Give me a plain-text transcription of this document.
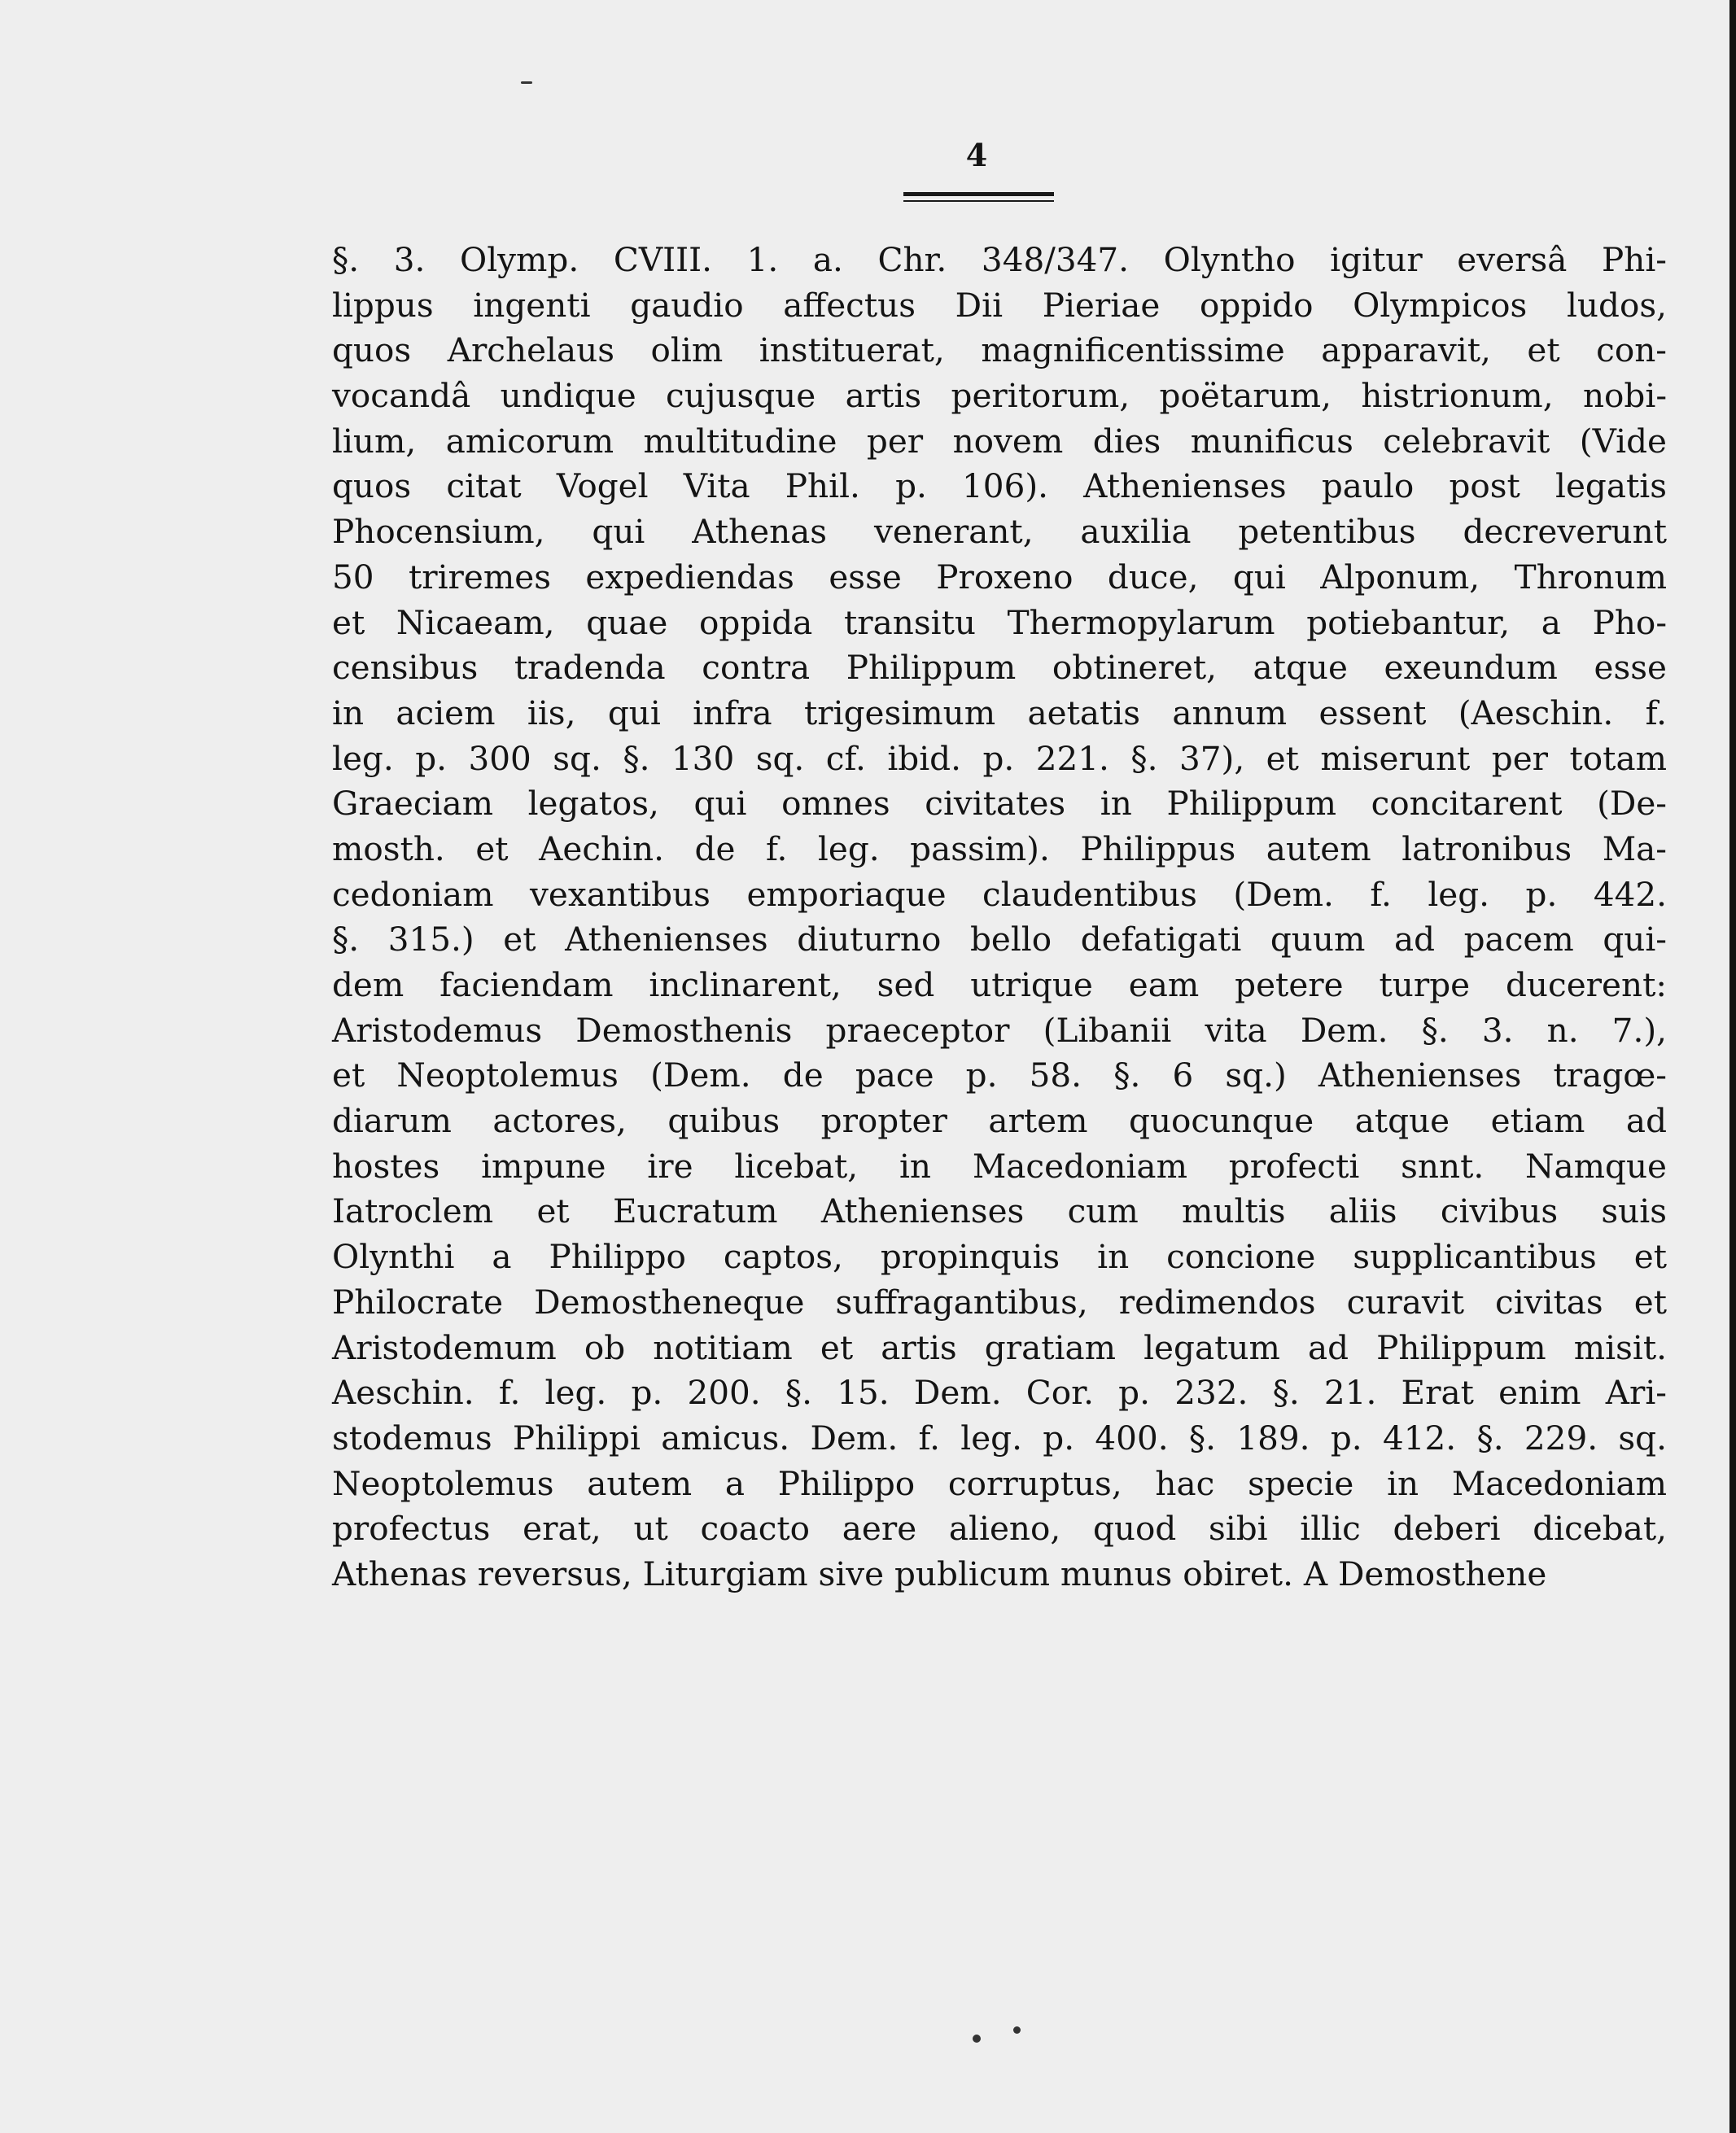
4
§. 3. Olymp. CVIII. 1. a. Chr. 348/347. Olyntho igitur eversâ Phi-
lippus ingenti gaudio affectus Dii Pieriae oppido Olympicos ludos,
quos Archelaus olim instituerat, magnificentissime apparavit, et con-
vocandâ undique cujusque artis peritorum, poëtarum, histrionum, nobi-
lium, amicorum multitudine per novem dies munificus celebravit (Vide
quos citat Vogel Vita Phil. p. 106). Athenienses paulo post legatis
Phocensium, qui Athenas venerant, auxilia petentibus decreverunt
50 triremes expediendas esse Proxeno duce, qui Alponum, Thronum
et Nicaeam, quae oppida transitu Thermopylarum potiebantur, a Pho-
censibus tradenda contra Philippum obtineret, atque exeundum esse
in aciem iis, qui infra trigesimum aetatis annum essent (Aeschin. f.
leg. p. 300 sq. §. 130 sq. cf. ibid. p. 221. §. 37), et miserunt per totam
Graeciam legatos, qui omnes civitates in Philippum concitarent (De-
mosth. et Aechin. de f. leg. passim). Philippus autem latronibus Ma-
cedoniam vexantibus emporiaque claudentibus (Dem. f. leg. p. 442.
§. 315.) et Athenienses diuturno bello defatigati quum ad pacem qui-
dem faciendam inclinarent, sed utrique eam petere turpe ducerent:
Aristodemus Demosthenis praeceptor (Libanii vita Dem. §. 3. n. 7.),
et Neoptolemus (Dem. de pace p. 58. §. 6 sq.) Athenienses tragœ-
diarum actores, quibus propter artem quocunque atque etiam ad
hostes impune ire licebat, in Macedoniam profecti snnt. Namque
Iatroclem et Eucratum Athenienses cum multis aliis civibus suis
Olynthi a Philippo captos, propinquis in concione supplicantibus et
Philocrate Demostheneque suffragantibus, redimendos curavit civitas et
Aristodemum ob notitiam et artis gratiam legatum ad Philippum misit.
Aeschin. f. leg. p. 200. §. 15. Dem. Cor. p. 232. §. 21. Erat enim Ari-
stodemus Philippi amicus. Dem. f. leg. p. 400. §. 189. p. 412. §. 229. sq.
Neoptolemus autem a Philippo corruptus, hac specie in Macedoniam
profectus erat, ut coacto aere alieno, quod sibi illic deberi dicebat,
Athenas reversus, Liturgiam sive publicum munus obiret. A Demosthene
